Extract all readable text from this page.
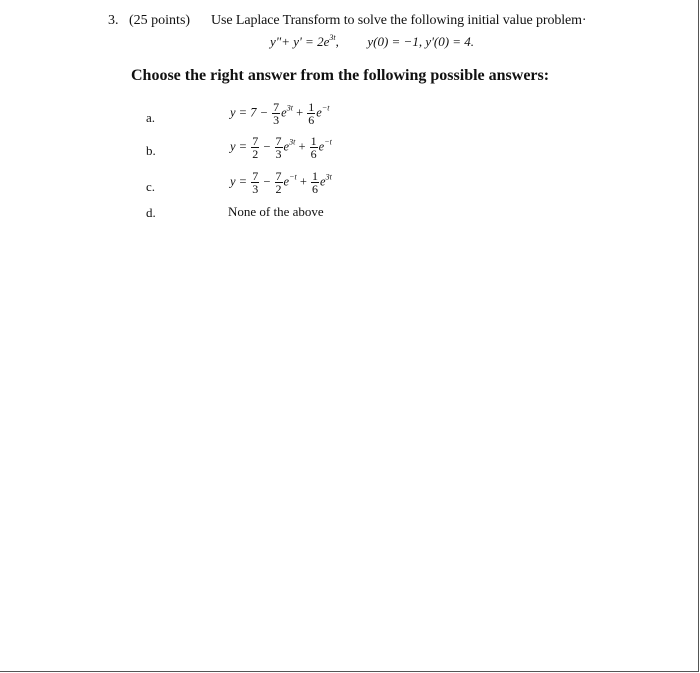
3. (25 points) Use Laplace Transform to solve the following initial value problem·
y"+ $y' = 2e^{3t}$, y(0) = −1, y'(0) = 4.
Choose the right answer from the following possible answers:
a.	$y = 7 - \frac{7}{3} e^{3t} + \frac{1}{6} e^{-t}$
b.	$y = \frac{7}{2} - \frac{7}{3} e^{3t} + \frac{1}{6} e^{-t}$
c.	$y = \frac{7}{3} - \frac{7}{2} e^{-t} + \frac{1}{6} e^{3t}$
d.	None of the above
